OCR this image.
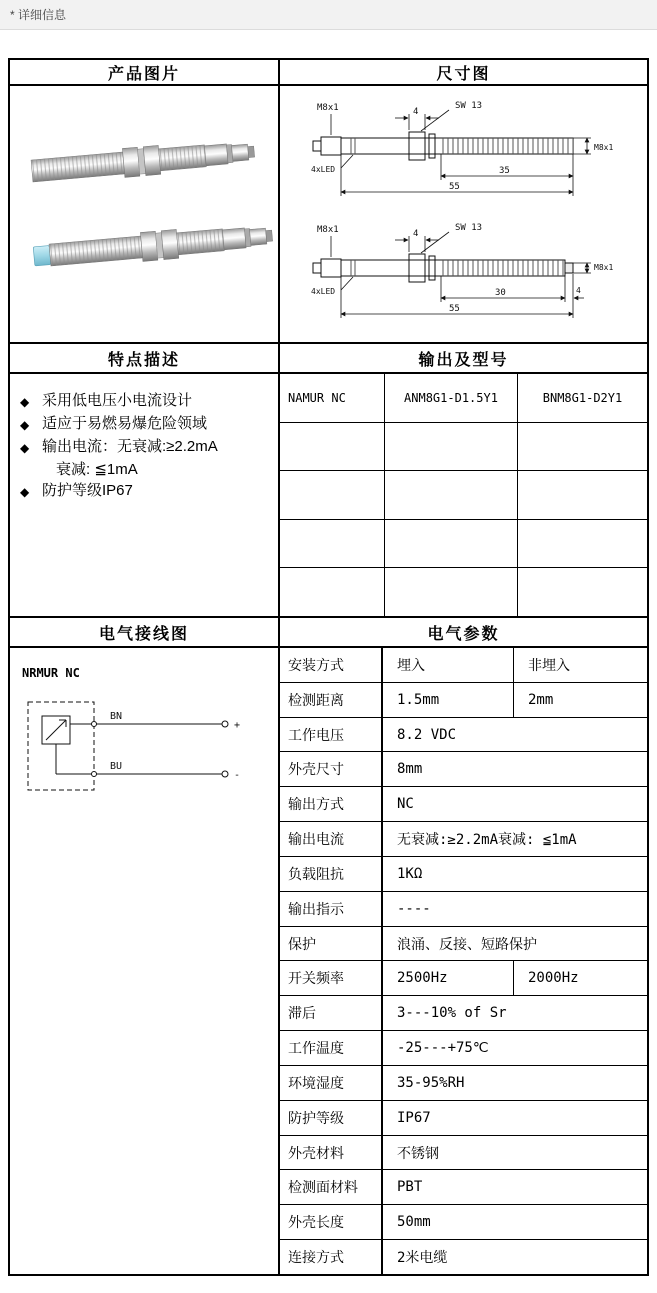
* 详细信息
产品图片	尺寸图
M8x1	4
SW 13
M8x1
4xLED	35
55
M8x1	4
SW 13
M8x1
4xLED	30	4
55
特点描述	输出及型号
◆ 采用低电压小电流设计
◆ 适应于易燃易爆危险领域
◆ 输出电流：无衰减:≥2.2mA
衰减: ≦1mA
◆ 防护等级IP67
NAMUR NC	ANM8G1-D1.5Y1	BNM8G1-D2Y1
电气接线图	电气参数
NRMUR NC
BN
BU
+
-
安装方式	埋入	非埋入
检测距离	1.5mm	2mm
工作电压	8.2 VDC
外壳尺寸	8mm
输出方式	NC
输出电流	无衰减:≥2.2mA衰减: ≦1mA
负载阻抗	1KΩ
输出指示	----
保护	浪涌、反接、短路保护
开关频率	2500Hz	2000Hz
滞后	3---10% of Sr
工作温度	-25---+75℃
环境湿度	35-95%RH
防护等级	IP67
外壳材料	不锈钢
检测面材料	PBT
外壳长度	50mm
连接方式	2米电缆
